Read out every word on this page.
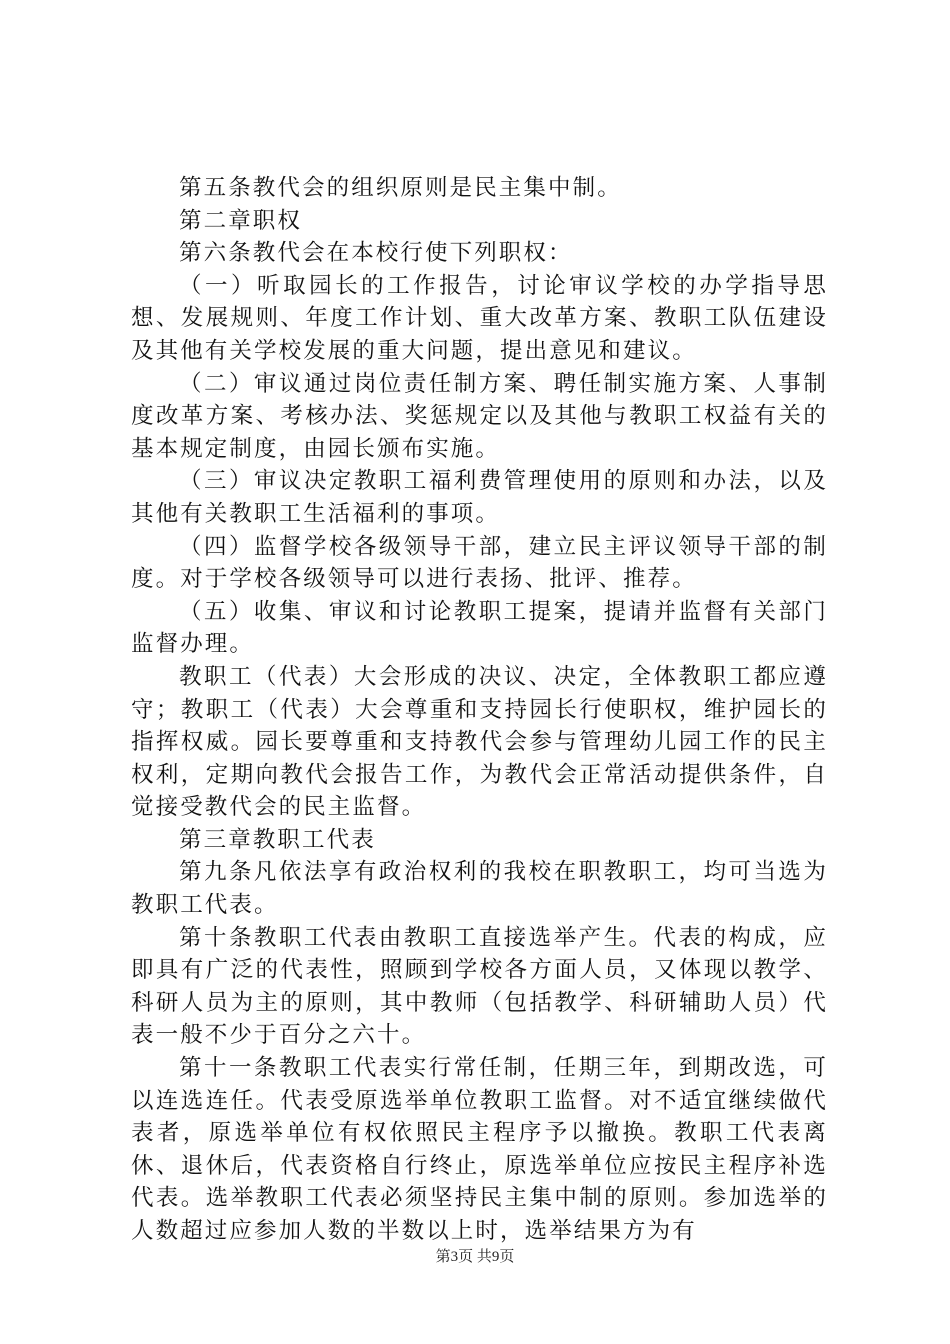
第五条教代会的组织原则是民主集中制。

第二章职权

第六条教代会在本校行使下列职权：

（一）听取园长的工作报告，讨论审议学校的办学指导思想、发展规则、年度工作计划、重大改革方案、教职工队伍建设及其他有关学校发展的重大问题，提出意见和建议。

（二）审议通过岗位责任制方案、聘任制实施方案、人事制度改革方案、考核办法、奖惩规定以及其他与教职工权益有关的基本规定制度，由园长颁布实施。

（三）审议决定教职工福利费管理使用的原则和办法，以及其他有关教职工生活福利的事项。

（四）监督学校各级领导干部，建立民主评议领导干部的制度。对于学校各级领导可以进行表扬、批评、推荐。

（五）收集、审议和讨论教职工提案，提请并监督有关部门监督办理。

教职工（代表）大会形成的决议、决定，全体教职工都应遵守；教职工（代表）大会尊重和支持园长行使职权，维护园长的指挥权威。园长要尊重和支持教代会参与管理幼儿园工作的民主权利，定期向教代会报告工作，为教代会正常活动提供条件，自觉接受教代会的民主监督。

第三章教职工代表

第九条凡依法享有政治权利的我校在职教职工，均可当选为教职工代表。

第十条教职工代表由教职工直接选举产生。代表的构成，应即具有广泛的代表性，照顾到学校各方面人员，又体现以教学、科研人员为主的原则，其中教师（包括教学、科研辅助人员）代表一般不少于百分之六十。

第十一条教职工代表实行常任制，任期三年，到期改选，可以连选连任。代表受原选举单位教职工监督。对不适宜继续做代表者，原选举单位有权依照民主程序予以撤换。教职工代表离休、退休后，代表资格自行终止，原选举单位应按民主程序补选代表。选举教职工代表必须坚持民主集中制的原则。参加选举的人数超过应参加人数的半数以上时，选举结果方为有

第3页 共9页
